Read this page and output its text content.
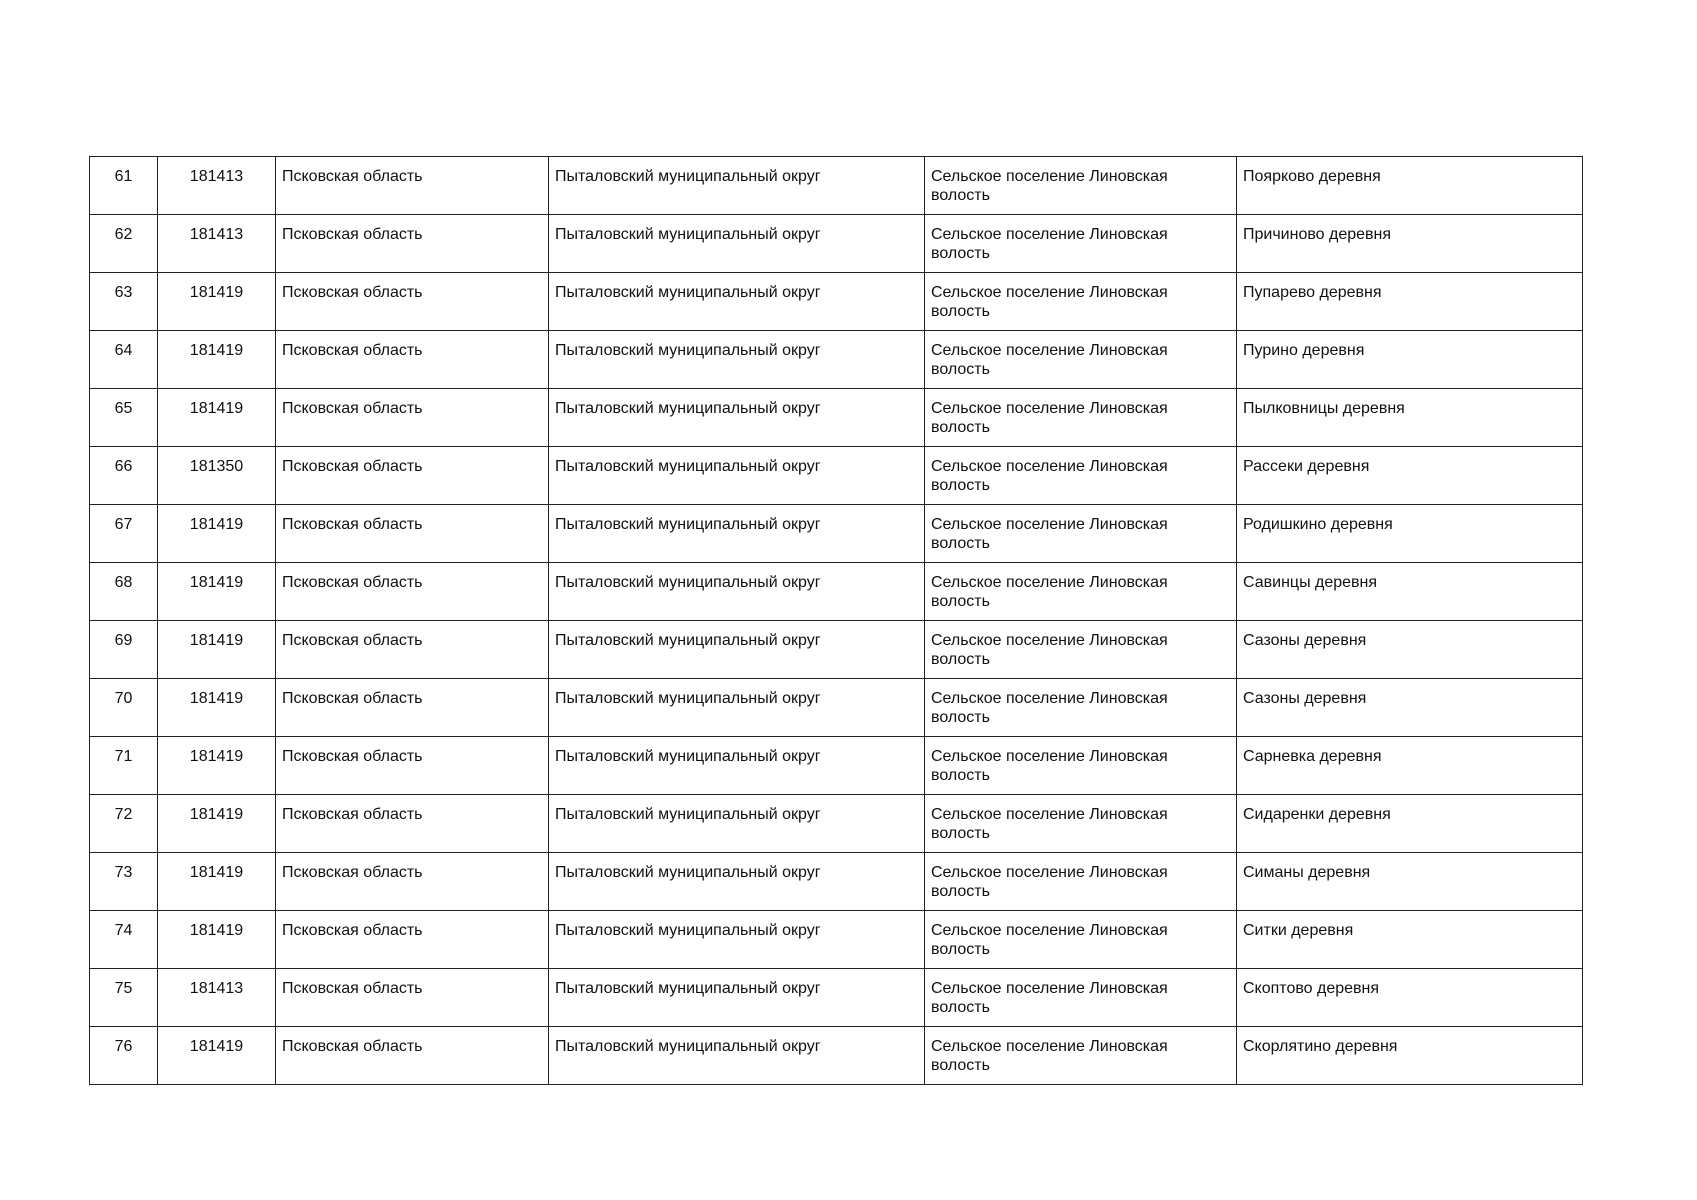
61	181413	Псковская область	Пыталовский муниципальный округ	Сельское поселение Линовская волость	Поярково деревня
62	181413	Псковская область	Пыталовский муниципальный округ	Сельское поселение Линовская волость	Причиново деревня
63	181419	Псковская область	Пыталовский муниципальный округ	Сельское поселение Линовская волость	Пупарево деревня
64	181419	Псковская область	Пыталовский муниципальный округ	Сельское поселение Линовская волость	Пурино деревня
65	181419	Псковская область	Пыталовский муниципальный округ	Сельское поселение Линовская волость	Пылковницы деревня
66	181350	Псковская область	Пыталовский муниципальный округ	Сельское поселение Линовская волость	Рассеки деревня
67	181419	Псковская область	Пыталовский муниципальный округ	Сельское поселение Линовская волость	Родишкино деревня
68	181419	Псковская область	Пыталовский муниципальный округ	Сельское поселение Линовская волость	Савинцы деревня
69	181419	Псковская область	Пыталовский муниципальный округ	Сельское поселение Линовская волость	Сазоны деревня
70	181419	Псковская область	Пыталовский муниципальный округ	Сельское поселение Линовская волость	Сазоны деревня
71	181419	Псковская область	Пыталовский муниципальный округ	Сельское поселение Линовская волость	Сарневка деревня
72	181419	Псковская область	Пыталовский муниципальный округ	Сельское поселение Линовская волость	Сидаренки деревня
73	181419	Псковская область	Пыталовский муниципальный округ	Сельское поселение Линовская волость	Симаны деревня
74	181419	Псковская область	Пыталовский муниципальный округ	Сельское поселение Линовская волость	Ситки деревня
75	181413	Псковская область	Пыталовский муниципальный округ	Сельское поселение Линовская волость	Скоптово деревня
76	181419	Псковская область	Пыталовский муниципальный округ	Сельское поселение Линовская волость	Скорлятино деревня
